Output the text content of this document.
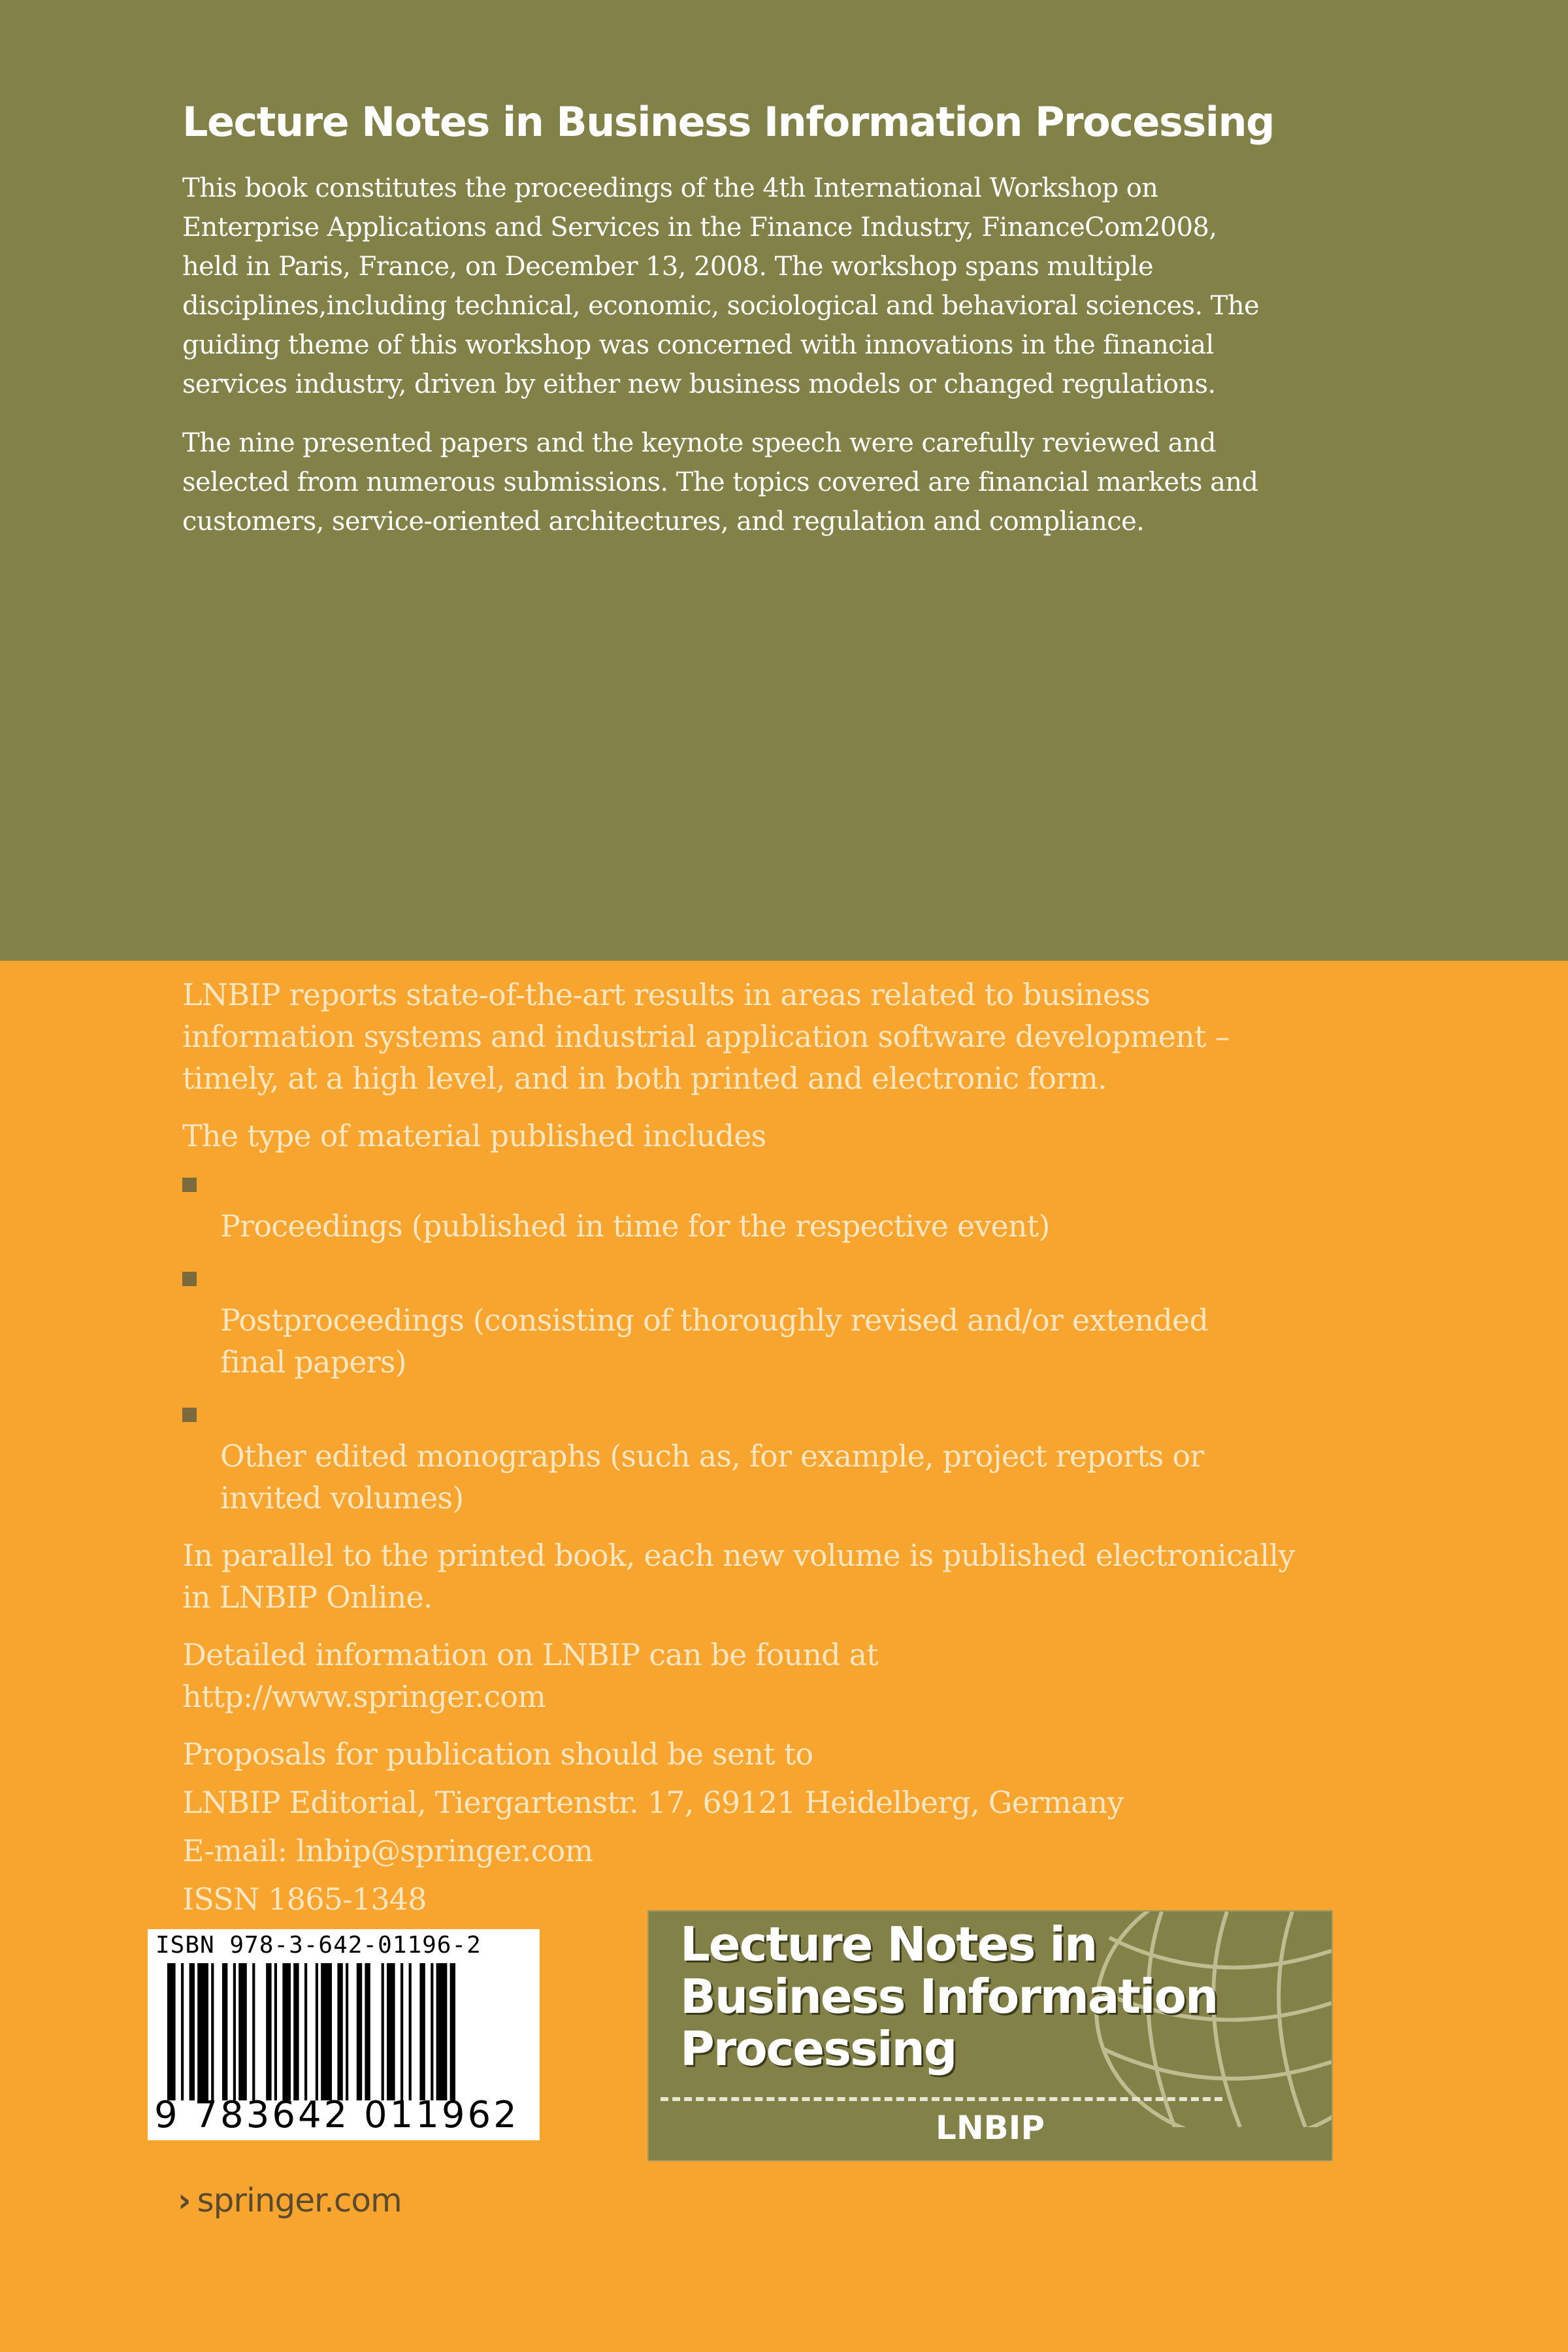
Lecture Notes in Business Information Processing

This book constitutes the proceedings of the 4th International Workshop on
Enterprise Applications and Services in the Finance Industry, FinanceCom2008,
held in Paris, France, on December 13, 2008. The workshop spans multiple
disciplines,including technical, economic, sociological and behavioral sciences. The
guiding theme of this workshop was concerned with innovations in the financial
services industry, driven by either new business models or changed regulations.

The nine presented papers and the keynote speech were carefully reviewed and
selected from numerous submissions. The topics covered are financial markets and
customers, service-oriented architectures, and regulation and compliance.

LNBIP reports state-of-the-art results in areas related to business
information systems and industrial application software development –
timely, at a high level, and in both printed and electronic form.

The type of material published includes

Proceedings (published in time for the respective event)

Postproceedings (consisting of thoroughly revised and/or extended
final papers)

Other edited monographs (such as, for example, project reports or
invited volumes)

In parallel to the printed book, each new volume is published electronically
in LNBIP Online.

Detailed information on LNBIP can be found at
http://www.springer.com

Proposals for publication should be sent to

LNBIP Editorial, Tiergartenstr. 17, 69121 Heidelberg, Germany

E-mail: lnbip@springer.com

ISSN 1865-1348

ISBN 978-3-642-01196-2
9 783642 011962
Lecture Notes in
Business Information
Processing
LNBIP
› springer.com
